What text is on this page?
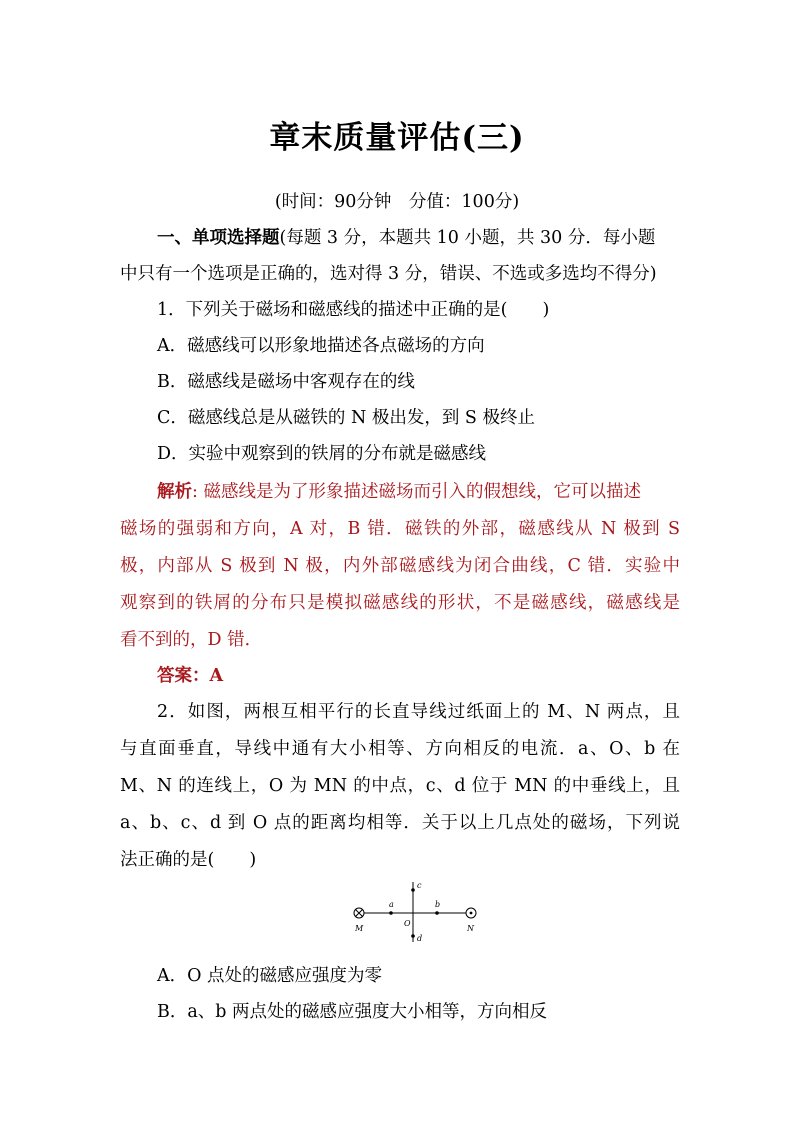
章末质量评估(三)
(时间：90分钟　分值：100分)
一、单项选择题(每题 3 分，本题共 10 小题，共 30 分．每小题
中只有一个选项是正确的，选对得 3 分，错误、不选或多选均不得分)
1．下列关于磁场和磁感线的描述中正确的是(　　)
A．磁感线可以形象地描述各点磁场的方向
B．磁感线是磁场中客观存在的线
C．磁感线总是从磁铁的 N 极出发，到 S 极终止
D．实验中观察到的铁屑的分布就是磁感线
解析: 磁感线是为了形象描述磁场而引入的假想线，它可以描述
磁场的强弱和方向，A 对，B 错．磁铁的外部，磁感线从 N 极到 S
极，内部从 S 极到 N 极，内外部磁感线为闭合曲线，C 错．实验中
观察到的铁屑的分布只是模拟磁感线的形状，不是磁感线，磁感线是
看不到的，D 错．
答案：A
2．如图，两根互相平行的长直导线过纸面上的 M、N 两点，且
与直面垂直，导线中通有大小相等、方向相反的电流．a、O、b 在
M、N 的连线上，O 为 MN 的中点，c、d 位于 MN 的中垂线上，且
a、b、c、d 到 O 点的距离均相等．关于以上几点处的磁场，下列说
法正确的是(　　)
M	N
O
a	b
c
d
A．O 点处的磁感应强度为零
B．a、b 两点处的磁感应强度大小相等，方向相反
